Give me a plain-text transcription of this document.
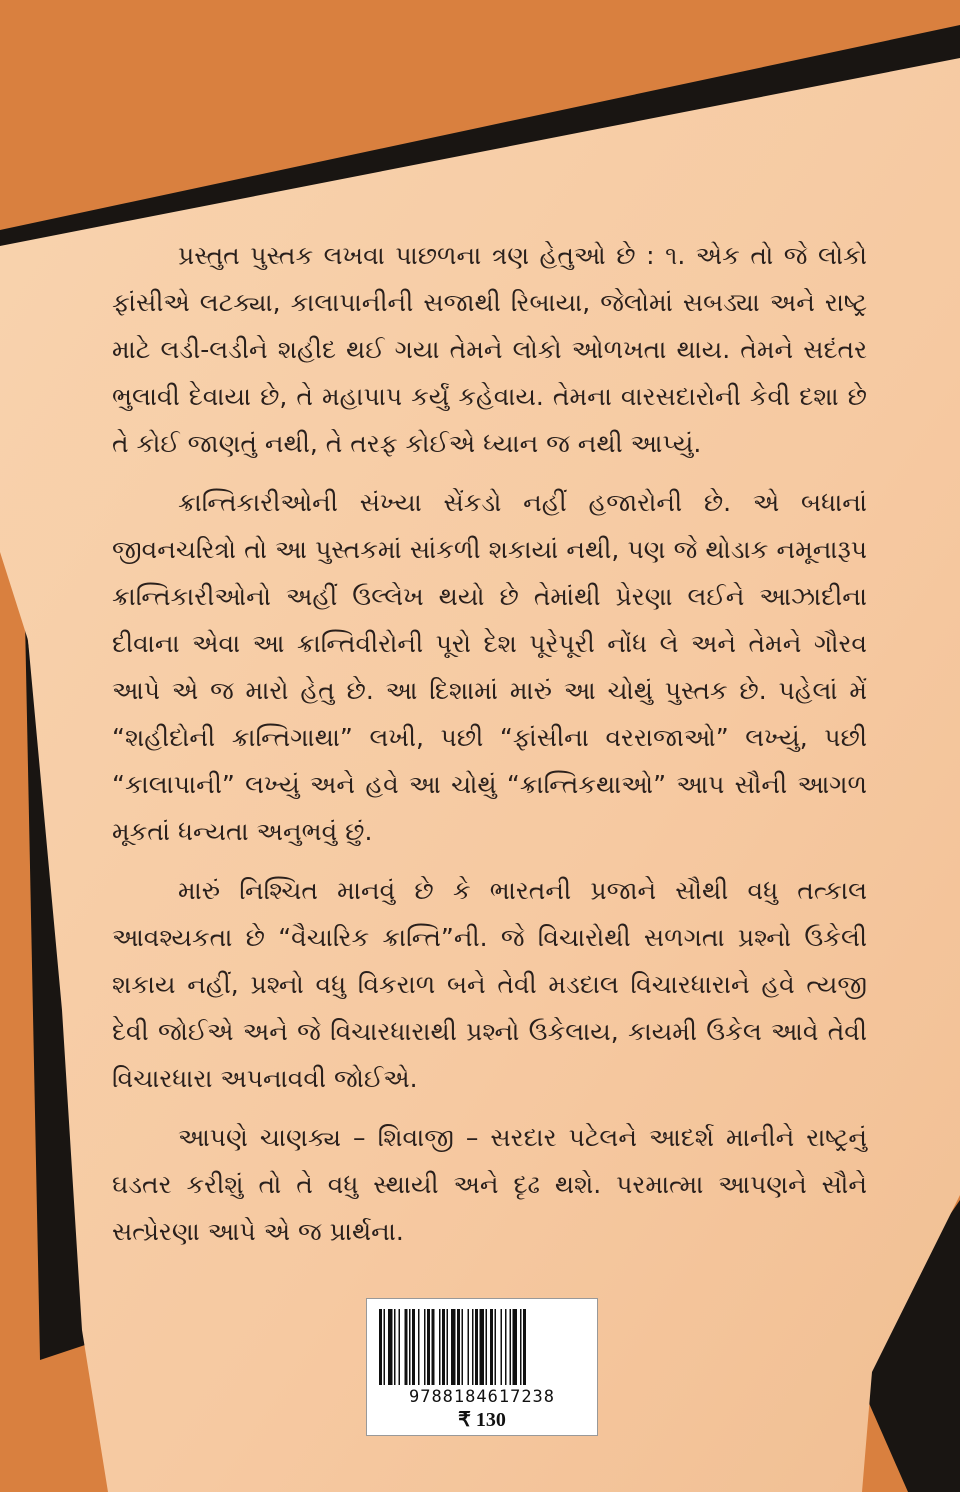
પ્રસ્તુત પુસ્તક લખવા પાછળના ત્રણ હેતુઓ છે : ૧. એક તો જે લોકો ફાંસીએ લટક્યા, કાલાપાનીની સજાથી રિબાયા, જેલોમાં સબડ્યા અને રાષ્ટ્ર માટે લડી-લડીને શહીદ થઈ ગયા તેમને લોકો ઓળખતા થાય. તેમને સદંતર ભુલાવી દેવાયા છે, તે મહાપાપ કર્યું કહેવાય. તેમના વારસદારોની કેવી દશા છે તે કોઈ જાણતું નથી, તે તરફ કોઈએ ધ્યાન જ નથી આપ્યું.

ક્રાન્તિકારીઓની સંખ્યા સેંકડો નહીં હજારોની છે. એ બધાનાં જીવનચરિત્રો તો આ પુસ્તકમાં સાંકળી શકાયાં નથી, પણ જે થોડાક નમૂનારૂપ ક્રાન્તિકારીઓનો અહીં ઉલ્લેખ થયો છે તેમાંથી પ્રેરણા લઈને આઝાદીના દીવાના એવા આ ક્રાન્તિવીરોની પૂરો દેશ પૂરેપૂરી નોંધ લે અને તેમને ગૌરવ આપે એ જ મારો હેતુ છે. આ દિશામાં મારું આ ચોથું પુસ્તક છે. પહેલાં મેં “શહીદોની ક્રાન્તિગાથા” લખી, પછી “ફાંસીના વરરાજાઓ” લખ્યું, પછી “કાલાપાની” લખ્યું અને હવે આ ચોથું “ક્રાન્તિકથાઓ” આપ સૌની આગળ મૂકતાં ધન્યતા અનુભવું છું.

મારું નિશ્ચિત માનવું છે કે ભારતની પ્રજાને સૌથી વધુ તત્કાલ આવશ્યકતા છે “વૈચારિક ક્રાન્તિ”ની. જે વિચારોથી સળગતા પ્રશ્નો ઉકેલી શકાય નહીં, પ્રશ્નો વધુ વિકરાળ બને તેવી મડદાલ વિચારધારાને હવે ત્યજી દેવી જોઈએ અને જે વિચારધારાથી પ્રશ્નો ઉકેલાય, કાયમી ઉકેલ આવે તેવી વિચારધારા અપનાવવી જોઈએ.

આપણે ચાણક્ય – શિવાજી – સરદાર પટેલને આદર્શ માનીને રાષ્ટ્રનું ઘડતર કરીશું તો તે વધુ સ્થાયી અને દૃઢ થશે. પરમાત્મા આપણને સૌને સત્પ્રેરણા આપે એ જ પ્રાર્થના.

9788184617238
₹ 130
